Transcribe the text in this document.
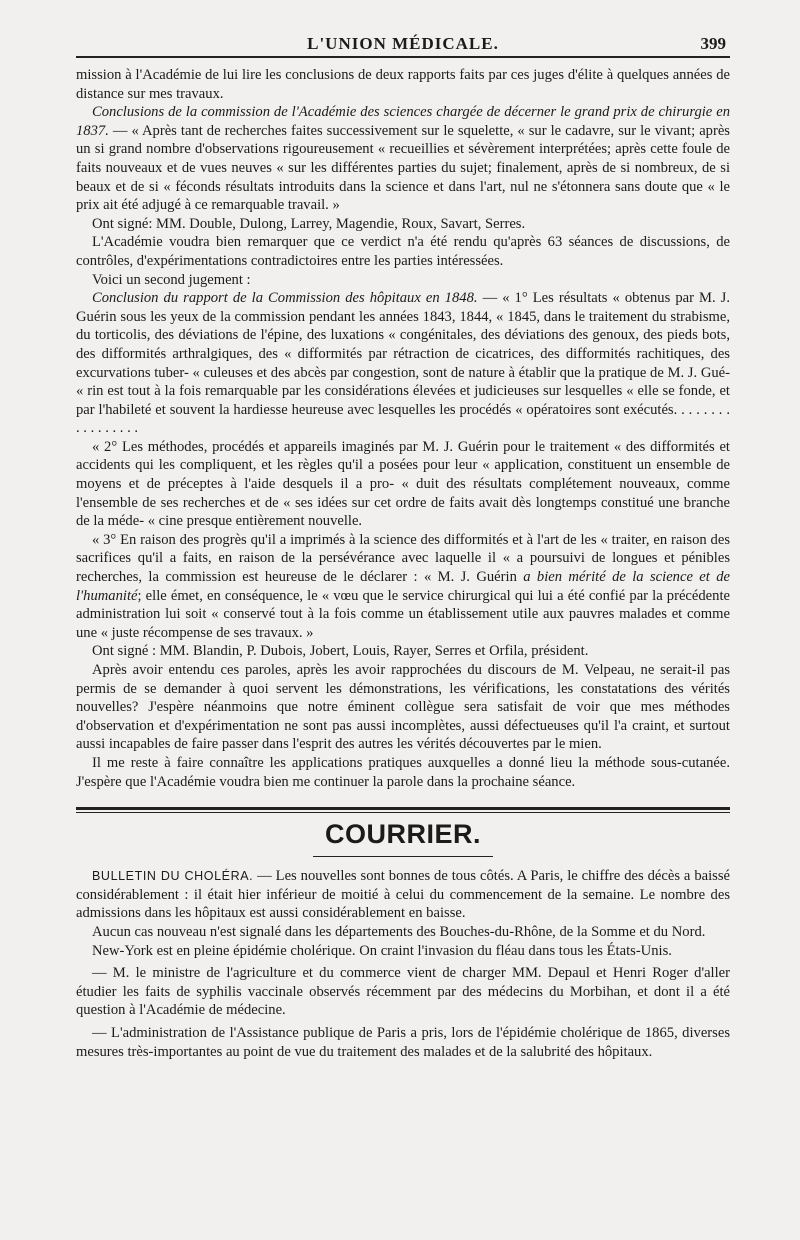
L'UNION MÉDICALE.	399

mission à l'Académie de lui lire les conclusions de deux rapports faits par ces juges d'élite à quelques années de distance sur mes travaux.

Conclusions de la commission de l'Académie des sciences chargée de décerner le grand prix de chirurgie en 1837. — « Après tant de recherches faites successivement sur le squelette, « sur le cadavre, sur le vivant; après un si grand nombre d'observations rigoureusement « recueillies et sévèrement interprétées; après cette foule de faits nouveaux et de vues neuves « sur les différentes parties du sujet; finalement, après de si nombreux, de si beaux et de si « féconds résultats introduits dans la science et dans l'art, nul ne s'étonnera sans doute que « le prix ait été adjugé à ce remarquable travail. »

Ont signé: MM. Double, Dulong, Larrey, Magendie, Roux, Savart, Serres.

L'Académie voudra bien remarquer que ce verdict n'a été rendu qu'après 63 séances de discussions, de contrôles, d'expérimentations contradictoires entre les parties intéressées.

Voici un second jugement :

Conclusion du rapport de la Commission des hôpitaux en 1848. — « 1° Les résultats « obtenus par M. J. Guérin sous les yeux de la commission pendant les années 1843, 1844, « 1845, dans le traitement du strabisme, du torticolis, des déviations de l'épine, des luxations « congénitales, des déviations des genoux, des pieds bots, des difformités arthralgiques, des « difformités par rétraction de cicatrices, des difformités rachitiques, des excurvations tuber- « culeuses et des abcès par congestion, sont de nature à établir que la pratique de M. J. Gué- « rin est tout à la fois remarquable par les considérations élevées et judicieuses sur lesquelles « elle se fonde, et par l'habileté et souvent la hardiesse heureuse avec lesquelles les procédés « opératoires sont exécutés. . . . . . . . . . . . . . . . .

« 2° Les méthodes, procédés et appareils imaginés par M. J. Guérin pour le traitement « des difformités et accidents qui les compliquent, et les règles qu'il a posées pour leur « application, constituent un ensemble de moyens et de préceptes à l'aide desquels il a pro- « duit des résultats complétement nouveaux, comme l'ensemble de ses recherches et de « ses idées sur cet ordre de faits avait dès longtemps constitué une branche de la méde- « cine presque entièrement nouvelle.

« 3° En raison des progrès qu'il a imprimés à la science des difformités et à l'art de les « traiter, en raison des sacrifices qu'il a faits, en raison de la persévérance avec laquelle il « a poursuivi de longues et pénibles recherches, la commission est heureuse de le déclarer : « M. J. Guérin a bien mérité de la science et de l'humanité; elle émet, en conséquence, le « vœu que le service chirurgical qui lui a été confié par la précédente administration lui soit « conservé tout à la fois comme un établissement utile aux pauvres malades et comme une « juste récompense de ses travaux. »

Ont signé : MM. Blandin, P. Dubois, Jobert, Louis, Rayer, Serres et Orfila, président.

Après avoir entendu ces paroles, après les avoir rapprochées du discours de M. Velpeau, ne serait-il pas permis de se demander à quoi servent les démonstrations, les vérifications, les constatations des vérités nouvelles? J'espère néanmoins que notre éminent collègue sera satisfait de voir que mes méthodes d'observation et d'expérimentation ne sont pas aussi incomplètes, aussi défectueuses qu'il l'a craint, et surtout aussi incapables de faire passer dans l'esprit des autres les vérités découvertes par le mien.

Il me reste à faire connaître les applications pratiques auxquelles a donné lieu la méthode sous-cutanée. J'espère que l'Académie voudra bien me continuer la parole dans la prochaine séance.

COURRIER.

BULLETIN DU CHOLÉRA. — Les nouvelles sont bonnes de tous côtés. A Paris, le chiffre des décès a baissé considérablement : il était hier inférieur de moitié à celui du commencement de la semaine. Le nombre des admissions dans les hôpitaux est aussi considérablement en baisse.

Aucun cas nouveau n'est signalé dans les départements des Bouches-du-Rhône, de la Somme et du Nord.

New-York est en pleine épidémie cholérique. On craint l'invasion du fléau dans tous les États-Unis.

— M. le ministre de l'agriculture et du commerce vient de charger MM. Depaul et Henri Roger d'aller étudier les faits de syphilis vaccinale observés récemment par des médecins du Morbihan, et dont il a été question à l'Académie de médecine.

— L'administration de l'Assistance publique de Paris a pris, lors de l'épidémie cholérique de 1865, diverses mesures très-importantes au point de vue du traitement des malades et de la salubrité des hôpitaux.
